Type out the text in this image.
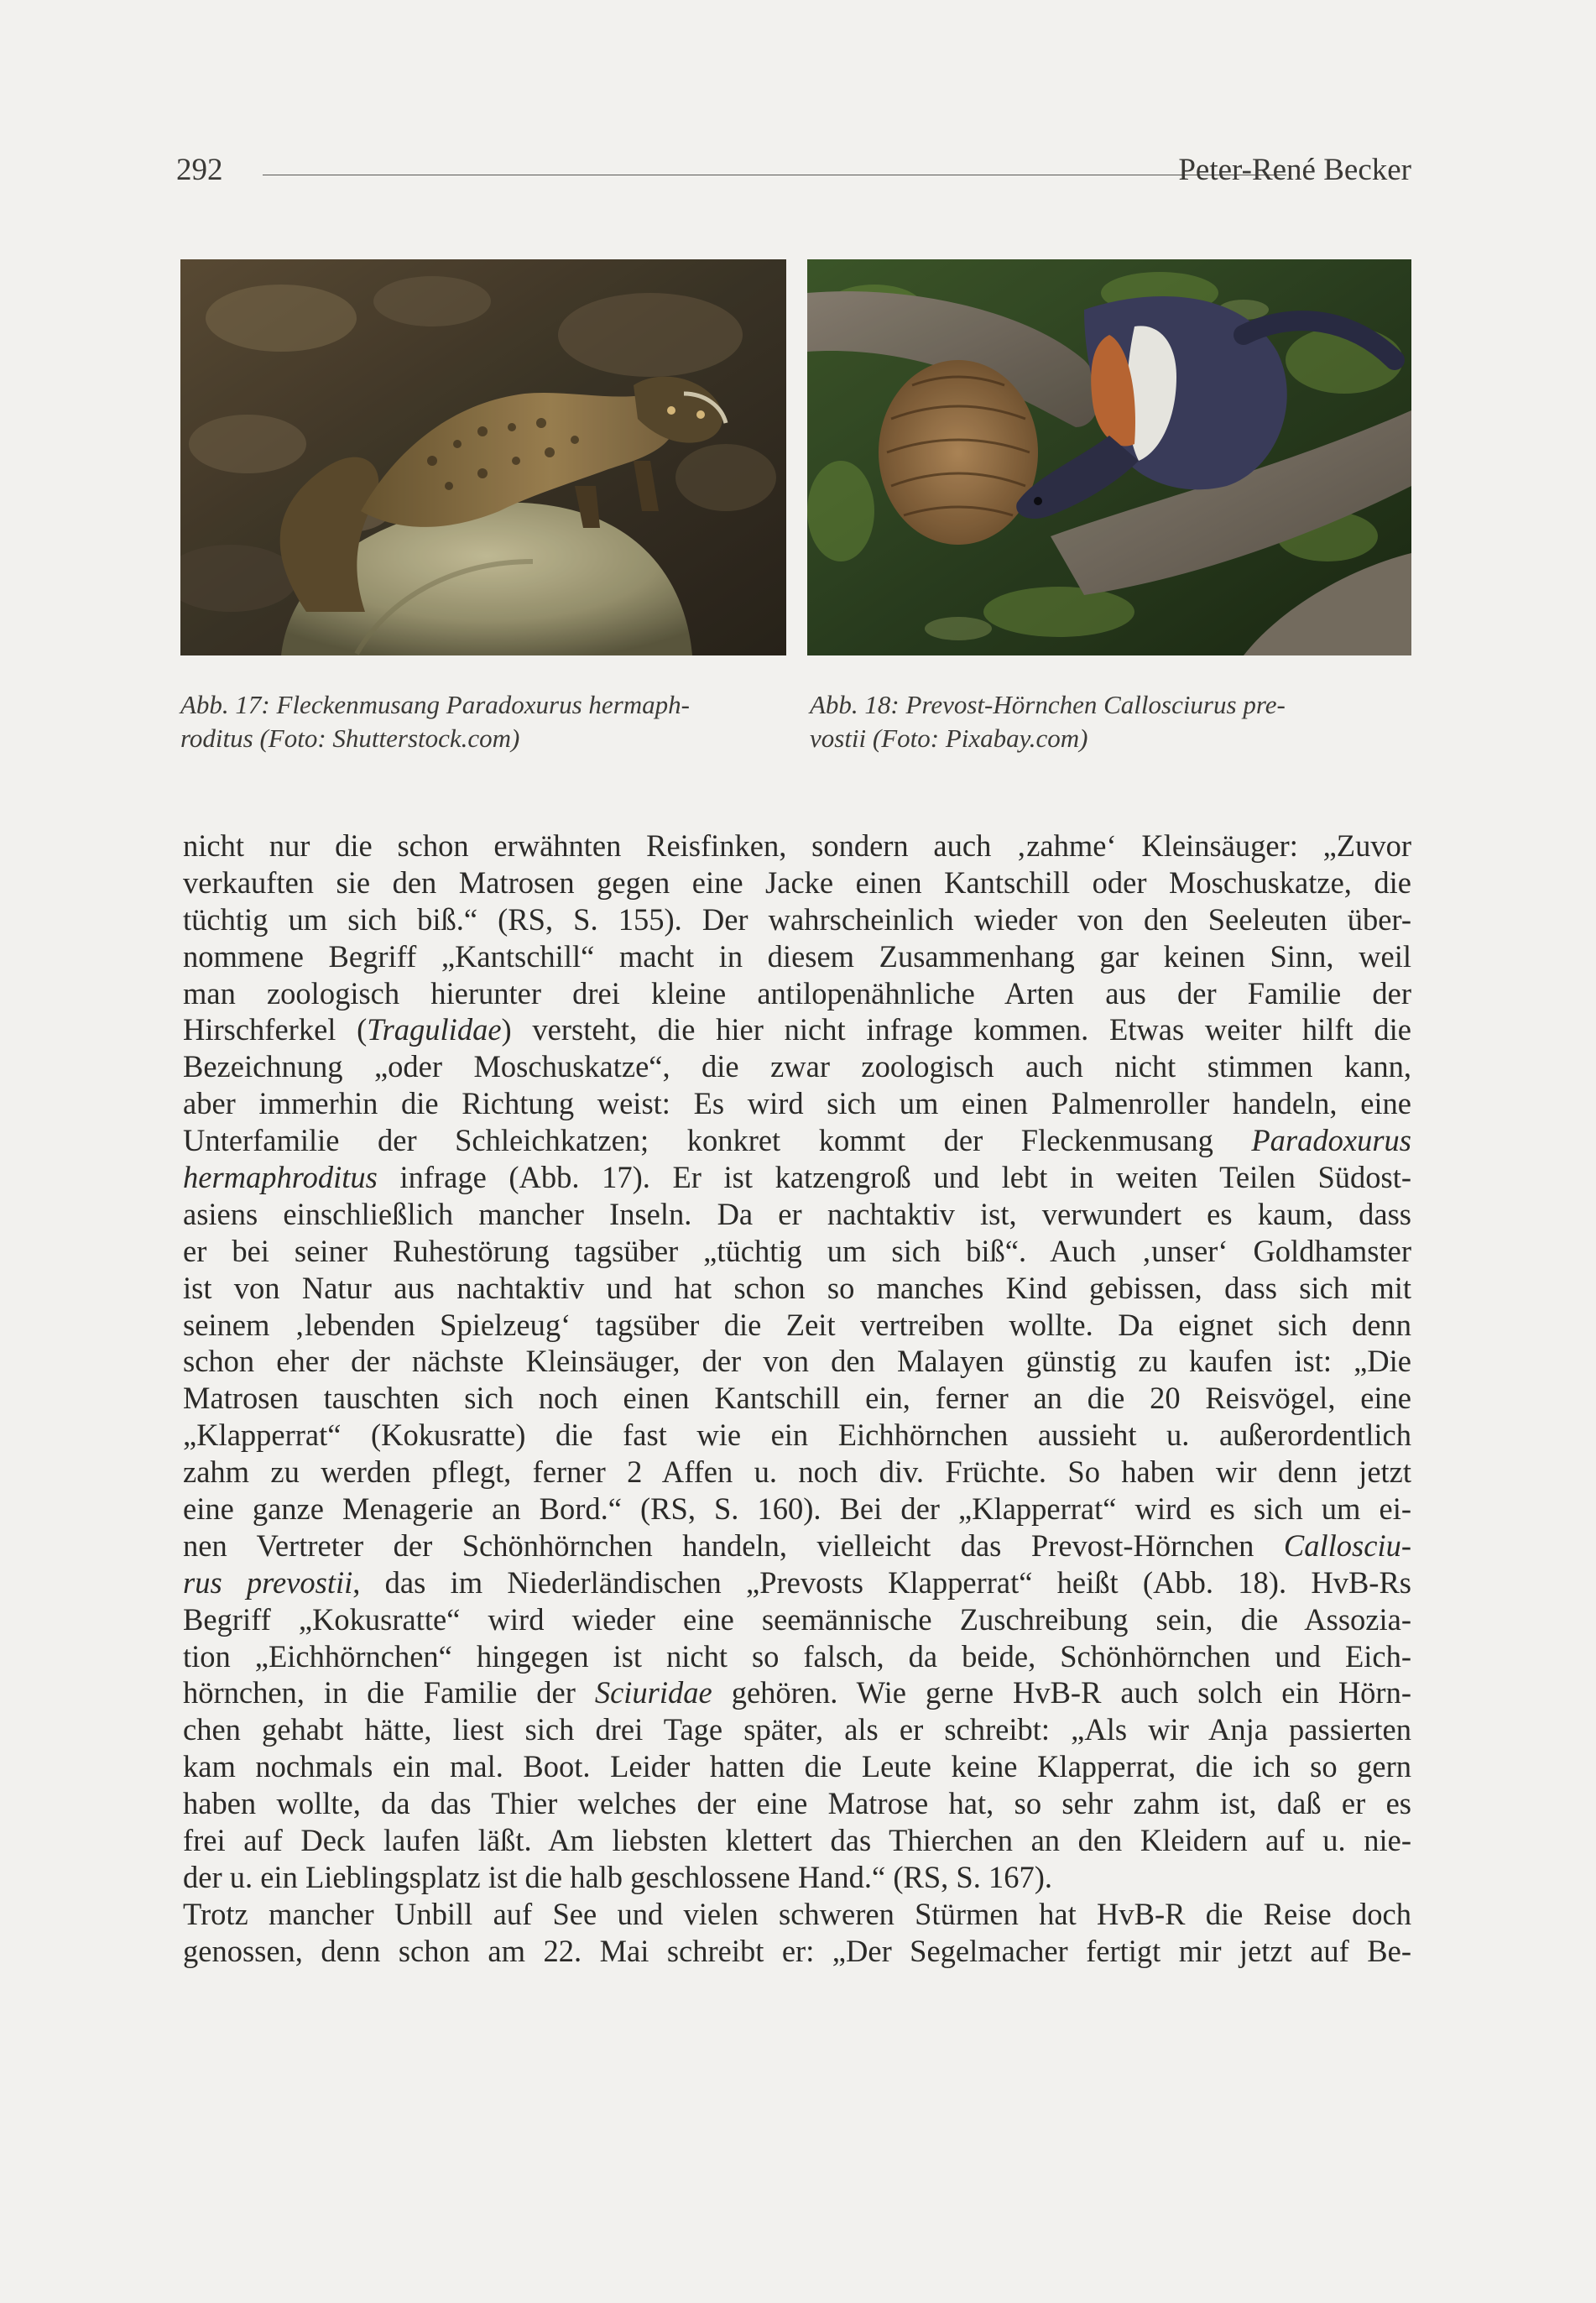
292	Peter-René Becker

Abb. 17: Fleckenmusang Paradoxurus hermaph-
roditus (Foto: Shutterstock.com)

Abb. 18: Prevost-Hörnchen Callosciurus pre-
vostii (Foto: Pixabay.com)

nicht nur die schon erwähnten Reisfinken, sondern auch ‚zahme‘ Kleinsäuger: „Zuvor
verkauften sie den Matrosen gegen eine Jacke einen Kantschill oder Moschuskatze, die
tüchtig um sich biß.“ (RS, S. 155). Der wahrscheinlich wieder von den Seeleuten über-
nommene Begriff „Kantschill“ macht in diesem Zusammenhang gar keinen Sinn, weil
man zoologisch hierunter drei kleine antilopenähnliche Arten aus der Familie der
Hirschferkel (Tragulidae) versteht, die hier nicht infrage kommen. Etwas weiter hilft die
Bezeichnung „oder Moschuskatze“, die zwar zoologisch auch nicht stimmen kann,
aber immerhin die Richtung weist: Es wird sich um einen Palmenroller handeln, eine
Unterfamilie der Schleichkatzen; konkret kommt der Fleckenmusang Paradoxurus
hermaphroditus infrage (Abb. 17). Er ist katzengroß und lebt in weiten Teilen Südost-
asiens einschließlich mancher Inseln. Da er nachtaktiv ist, verwundert es kaum, dass
er bei seiner Ruhestörung tagsüber „tüchtig um sich biß“. Auch ‚unser‘ Goldhamster
ist von Natur aus nachtaktiv und hat schon so manches Kind gebissen, dass sich mit
seinem ‚lebenden Spielzeug‘ tagsüber die Zeit vertreiben wollte. Da eignet sich denn
schon eher der nächste Kleinsäuger, der von den Malayen günstig zu kaufen ist: „Die
Matrosen tauschten sich noch einen Kantschill ein, ferner an die 20 Reisvögel, eine
„Klapperrat“ (Kokusratte) die fast wie ein Eichhörnchen aussieht u. außerordentlich
zahm zu werden pflegt, ferner 2 Affen u. noch div. Früchte. So haben wir denn jetzt
eine ganze Menagerie an Bord.“ (RS, S. 160). Bei der „Klapperrat“ wird es sich um ei-
nen Vertreter der Schönhörnchen handeln, vielleicht das Prevost-Hörnchen Callosciu-
rus prevostii, das im Niederländischen „Prevosts Klapperrat“ heißt (Abb. 18). HvB-Rs
Begriff „Kokusratte“ wird wieder eine seemännische Zuschreibung sein, die Assozia-
tion „Eichhörnchen“ hingegen ist nicht so falsch, da beide, Schönhörnchen und Eich-
hörnchen, in die Familie der Sciuridae gehören. Wie gerne HvB-R auch solch ein Hörn-
chen gehabt hätte, liest sich drei Tage später, als er schreibt: „Als wir Anja passierten
kam nochmals ein mal. Boot. Leider hatten die Leute keine Klapperrat, die ich so gern
haben wollte, da das Thier welches der eine Matrose hat, so sehr zahm ist, daß er es
frei auf Deck laufen läßt. Am liebsten klettert das Thierchen an den Kleidern auf u. nie-
der u. ein Lieblingsplatz ist die halb geschlossene Hand.“ (RS, S. 167).
Trotz mancher Unbill auf See und vielen schweren Stürmen hat HvB-R die Reise doch
genossen, denn schon am 22. Mai schreibt er: „Der Segelmacher fertigt mir jetzt auf Be-
